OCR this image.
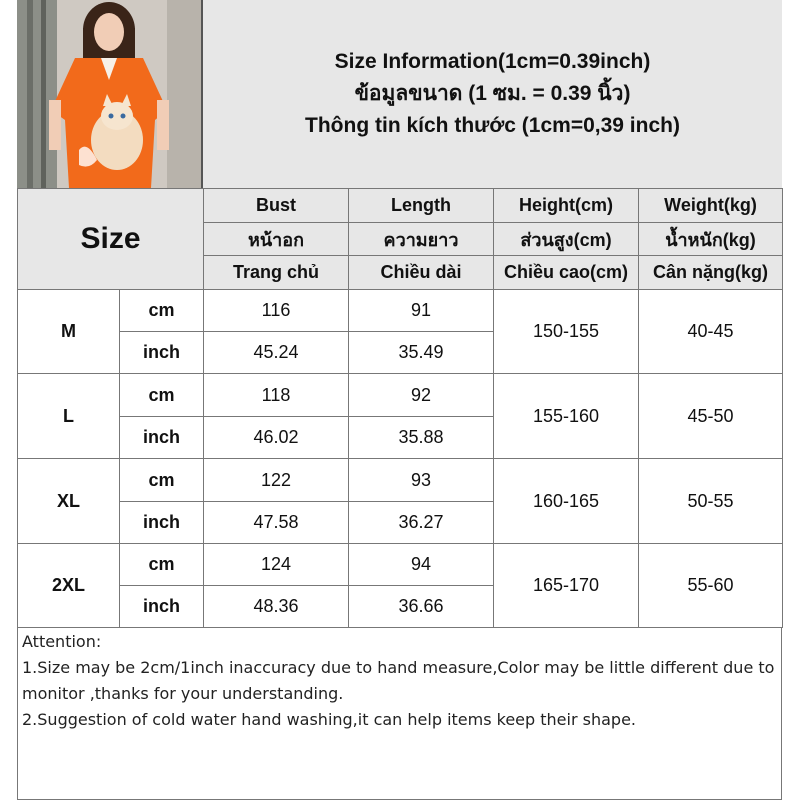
Size Information(1cm=0.39inch)
ข้อมูลขนาด (1 ซม. = 0.39 นิ้ว)
Thông tin kích thước (1cm=0,39 inch)
Size		Bust	Length	Height(cm)	Weight(kg)
		หน้าอก	ความยาว	ส่วนสูง(cm)	น้ำหนัก(kg)
		Trang chủ	Chiều dài	Chiều cao(cm)	Cân nặng(kg)
M	cm	116	91	150-155	40-45
	inch	45.24	35.49		
L	cm	118	92	155-160	45-50
	inch	46.02	35.88		
XL	cm	122	93	160-165	50-55
	inch	47.58	36.27		
2XL	cm	124	94	165-170	55-60
	inch	48.36	36.66		
Attention:
1.Size may be 2cm/1inch inaccuracy due to hand measure,Color may be little different due to monitor ,thanks for your understanding.
2.Suggestion of cold water hand washing,it can help items keep their shape.
